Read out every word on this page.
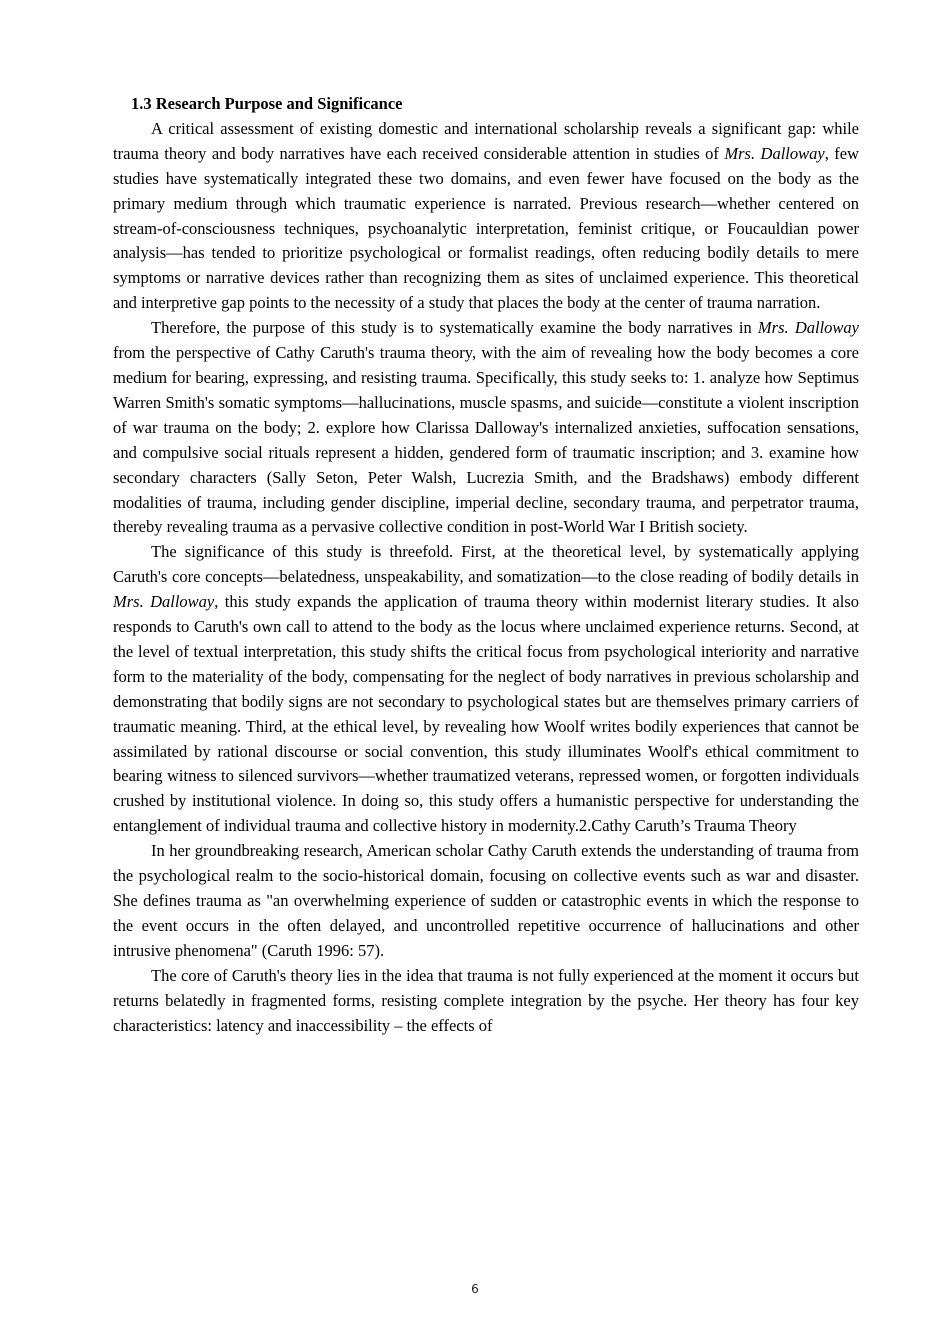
1.3 Research Purpose and Significance

A critical assessment of existing domestic and international scholarship reveals a significant gap: while trauma theory and body narratives have each received considerable attention in studies of Mrs. Dalloway, few studies have systematically integrated these two domains, and even fewer have focused on the body as the primary medium through which traumatic experience is narrated. Previous research—whether centered on stream-of-consciousness techniques, psychoanalytic interpretation, feminist critique, or Foucauldian power analysis—has tended to prioritize psychological or formalist readings, often reducing bodily details to mere symptoms or narrative devices rather than recognizing them as sites of unclaimed experience. This theoretical and interpretive gap points to the necessity of a study that places the body at the center of trauma narration.

Therefore, the purpose of this study is to systematically examine the body narratives in Mrs. Dalloway from the perspective of Cathy Caruth's trauma theory, with the aim of revealing how the body becomes a core medium for bearing, expressing, and resisting trauma. Specifically, this study seeks to: 1. analyze how Septimus Warren Smith's somatic symptoms—hallucinations, muscle spasms, and suicide—constitute a violent inscription of war trauma on the body; 2. explore how Clarissa Dalloway's internalized anxieties, suffocation sensations, and compulsive social rituals represent a hidden, gendered form of traumatic inscription; and 3. examine how secondary characters (Sally Seton, Peter Walsh, Lucrezia Smith, and the Bradshaws) embody different modalities of trauma, including gender discipline, imperial decline, secondary trauma, and perpetrator trauma, thereby revealing trauma as a pervasive collective condition in post-World War I British society.

The significance of this study is threefold. First, at the theoretical level, by systematically applying Caruth's core concepts—belatedness, unspeakability, and somatization—to the close reading of bodily details in Mrs. Dalloway, this study expands the application of trauma theory within modernist literary studies. It also responds to Caruth's own call to attend to the body as the locus where unclaimed experience returns. Second, at the level of textual interpretation, this study shifts the critical focus from psychological interiority and narrative form to the materiality of the body, compensating for the neglect of body narratives in previous scholarship and demonstrating that bodily signs are not secondary to psychological states but are themselves primary carriers of traumatic meaning. Third, at the ethical level, by revealing how Woolf writes bodily experiences that cannot be assimilated by rational discourse or social convention, this study illuminates Woolf's ethical commitment to bearing witness to silenced survivors—whether traumatized veterans, repressed women, or forgotten individuals crushed by institutional violence. In doing so, this study offers a humanistic perspective for understanding the entanglement of individual trauma and collective history in modernity.2.Cathy Caruth’s Trauma Theory

In her groundbreaking research, American scholar Cathy Caruth extends the understanding of trauma from the psychological realm to the socio-historical domain, focusing on collective events such as war and disaster. She defines trauma as "an overwhelming experience of sudden or catastrophic events in which the response to the event occurs in the often delayed, and uncontrolled repetitive occurrence of hallucinations and other intrusive phenomena" (Caruth 1996: 57).

The core of Caruth's theory lies in the idea that trauma is not fully experienced at the moment it occurs but returns belatedly in fragmented forms, resisting complete integration by the psyche. Her theory has four key characteristics: latency and inaccessibility – the effects of

6
